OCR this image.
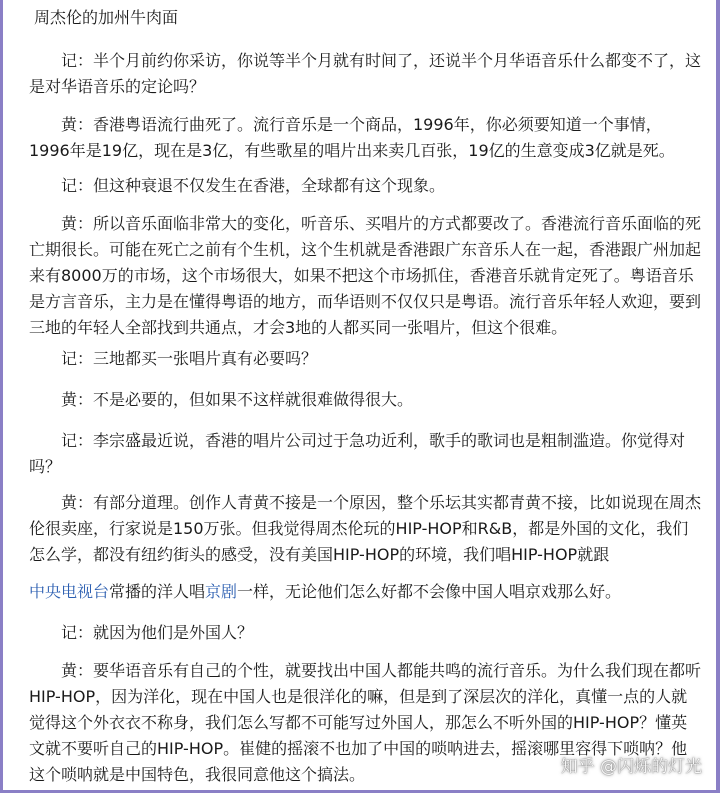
周杰伦的加州牛肉面
记：半个月前约你采访，你说等半个月就有时间了，还说半个月华语音乐什么都变不了，这是对华语音乐的定论吗？
黄：香港粤语流行曲死了。流行音乐是一个商品，1996年，你必须要知道一个事情，1996年是19亿，现在是3亿，有些歌星的唱片出来卖几百张，19亿的生意变成3亿就是死。
记：但这种衰退不仅发生在香港，全球都有这个现象。
黄：所以音乐面临非常大的变化，听音乐、买唱片的方式都要改了。香港流行音乐面临的死亡期很长。可能在死亡之前有个生机，这个生机就是香港跟广东音乐人在一起，香港跟广州加起来有8000万的市场，这个市场很大，如果不把这个市场抓住，香港音乐就肯定死了。粤语音乐是方言音乐，主力是在懂得粤语的地方，而华语则不仅仅只是粤语。流行音乐年轻人欢迎，要到三地的年轻人全部找到共通点，才会3地的人都买同一张唱片，但这个很难。
记：三地都买一张唱片真有必要吗？
黄：不是必要的，但如果不这样就很难做得很大。
记：李宗盛最近说，香港的唱片公司过于急功近利，歌手的歌词也是粗制滥造。你觉得对吗？
黄：有部分道理。创作人青黄不接是一个原因，整个乐坛其实都青黄不接，比如说现在周杰伦很卖座，行家说是150万张。但我觉得周杰伦玩的HIP-HOP和R&B，都是外国的文化，我们怎么学，都没有纽约街头的感受，没有美国HIP-HOP的环境，我们唱HIP-HOP就跟
中央电视台常播的洋人唱京剧一样，无论他们怎么好都不会像中国人唱京戏那么好。
记：就因为他们是外国人？
黄：要华语音乐有自己的个性，就要找出中国人都能共鸣的流行音乐。为什么我们现在都听HIP-HOP，因为洋化，现在中国人也是很洋化的嘛，但是到了深层次的洋化，真懂一点的人就觉得这个外衣衣不称身，我们怎么写都不可能写过外国人，那怎么不听外国的HIP-HOP？懂英文就不要听自己的HIP-HOP。崔健的摇滚不也加了中国的唢呐进去，摇滚哪里容得下唢呐？他这个唢呐就是中国特色，我很同意他这个搞法。	知乎 @闪烁的灯光
